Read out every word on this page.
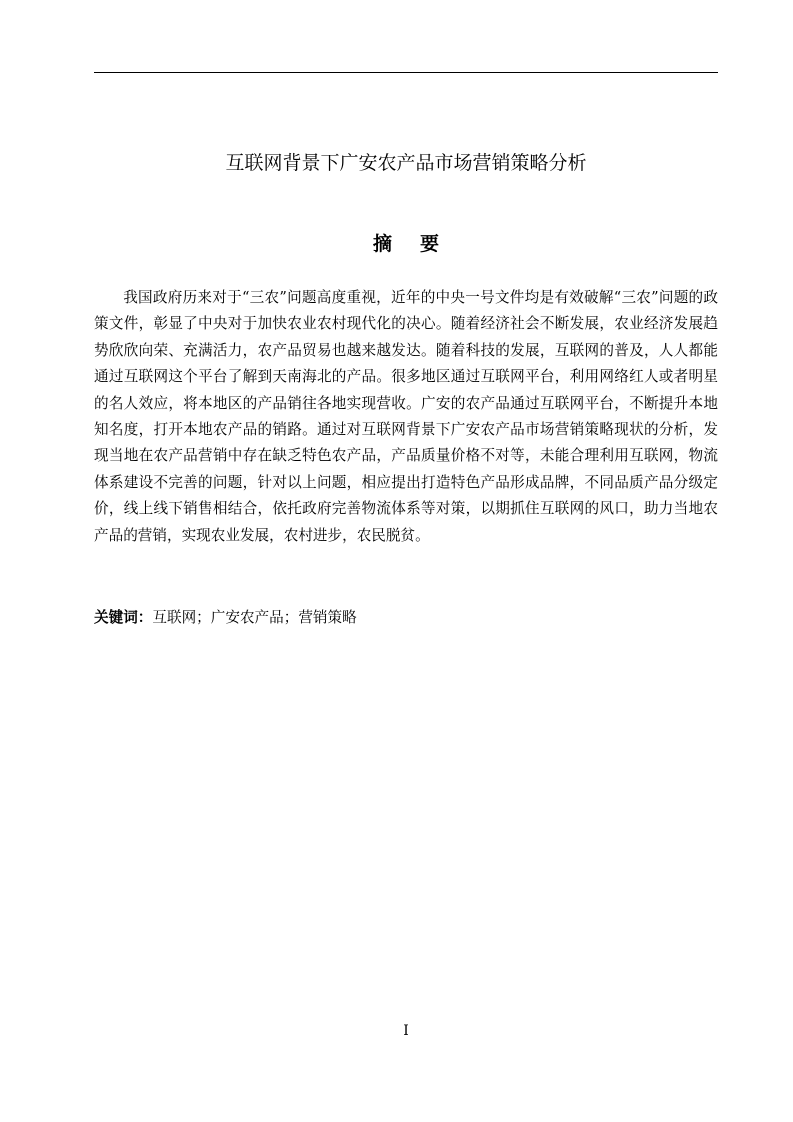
互联网背景下广安农产品市场营销策略分析
摘要

我国政府历来对于“三农”问题高度重视，近年的中央一号文件均是有效破解“三农”问题的政策文件，彰显了中央对于加快农业农村现代化的决心。随着经济社会不断发展，农业经济发展趋势欣欣向荣、充满活力，农产品贸易也越来越发达。随着科技的发展，互联网的普及，人人都能通过互联网这个平台了解到天南海北的产品。很多地区通过互联网平台，利用网络红人或者明星的名人效应，将本地区的产品销往各地实现营收。广安的农产品通过互联网平台，不断提升本地知名度，打开本地农产品的销路。通过对互联网背景下广安农产品市场营销策略现状的分析，发现当地在农产品营销中存在缺乏特色农产品，产品质量价格不对等，未能合理利用互联网，物流体系建设不完善的问题，针对以上问题，相应提出打造特色产品形成品牌，不同品质产品分级定价，线上线下销售相结合，依托政府完善物流体系等对策，以期抓住互联网的风口，助力当地农产品的营销，实现农业发展，农村进步，农民脱贫。

关键词：互联网；广安农产品；营销策略

I
